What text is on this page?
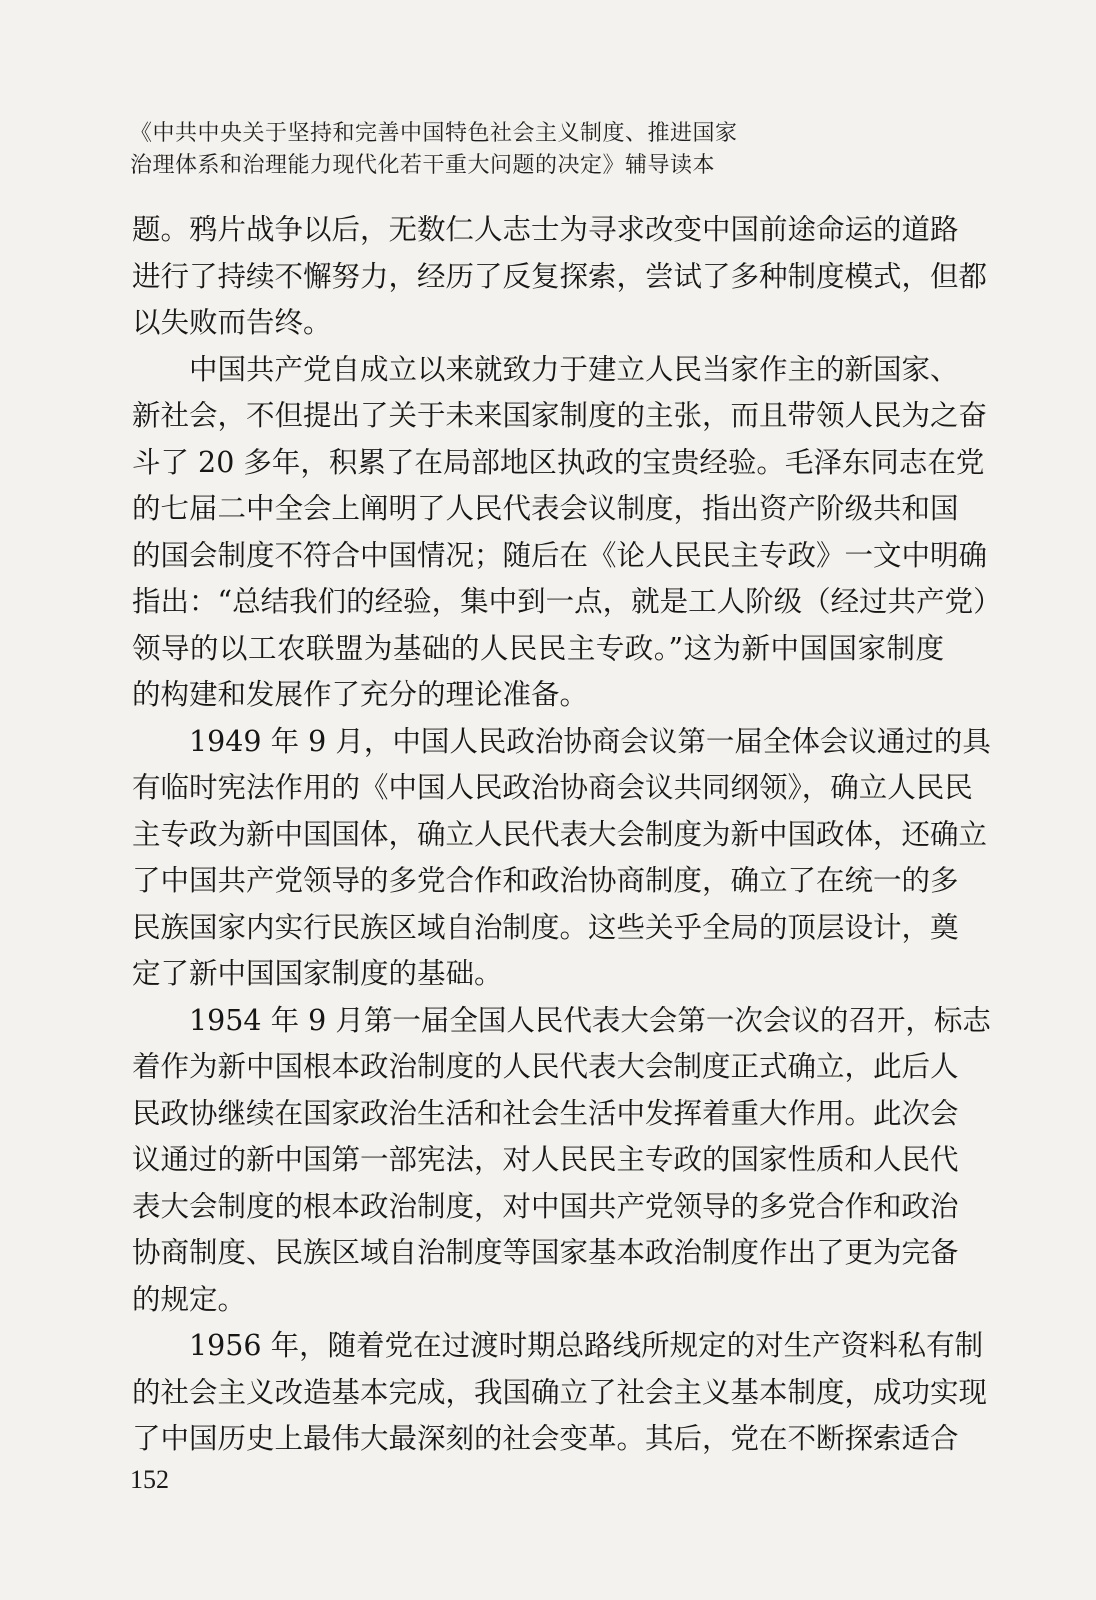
《中共中央关于坚持和完善中国特色社会主义制度、推进国家
治理体系和治理能力现代化若干重大问题的决定》辅导读本
题。鸦片战争以后，无数仁人志士为寻求改变中国前途命运的道路
进行了持续不懈努力，经历了反复探索，尝试了多种制度模式，但都
以失败而告终。
　　中国共产党自成立以来就致力于建立人民当家作主的新国家、
新社会，不但提出了关于未来国家制度的主张，而且带领人民为之奋
斗了 20 多年，积累了在局部地区执政的宝贵经验。毛泽东同志在党
的七届二中全会上阐明了人民代表会议制度，指出资产阶级共和国
的国会制度不符合中国情况；随后在《论人民民主专政》一文中明确
指出：“总结我们的经验，集中到一点，就是工人阶级（经过共产党）
领导的以工农联盟为基础的人民民主专政。”这为新中国国家制度
的构建和发展作了充分的理论准备。
　　1949 年 9 月，中国人民政治协商会议第一届全体会议通过的具
有临时宪法作用的《中国人民政治协商会议共同纲领》，确立人民民
主专政为新中国国体，确立人民代表大会制度为新中国政体，还确立
了中国共产党领导的多党合作和政治协商制度，确立了在统一的多
民族国家内实行民族区域自治制度。这些关乎全局的顶层设计，奠
定了新中国国家制度的基础。
　　1954 年 9 月第一届全国人民代表大会第一次会议的召开，标志
着作为新中国根本政治制度的人民代表大会制度正式确立，此后人
民政协继续在国家政治生活和社会生活中发挥着重大作用。此次会
议通过的新中国第一部宪法，对人民民主专政的国家性质和人民代
表大会制度的根本政治制度，对中国共产党领导的多党合作和政治
协商制度、民族区域自治制度等国家基本政治制度作出了更为完备
的规定。
　　1956 年，随着党在过渡时期总路线所规定的对生产资料私有制
的社会主义改造基本完成，我国确立了社会主义基本制度，成功实现
了中国历史上最伟大最深刻的社会变革。其后，党在不断探索适合
152
